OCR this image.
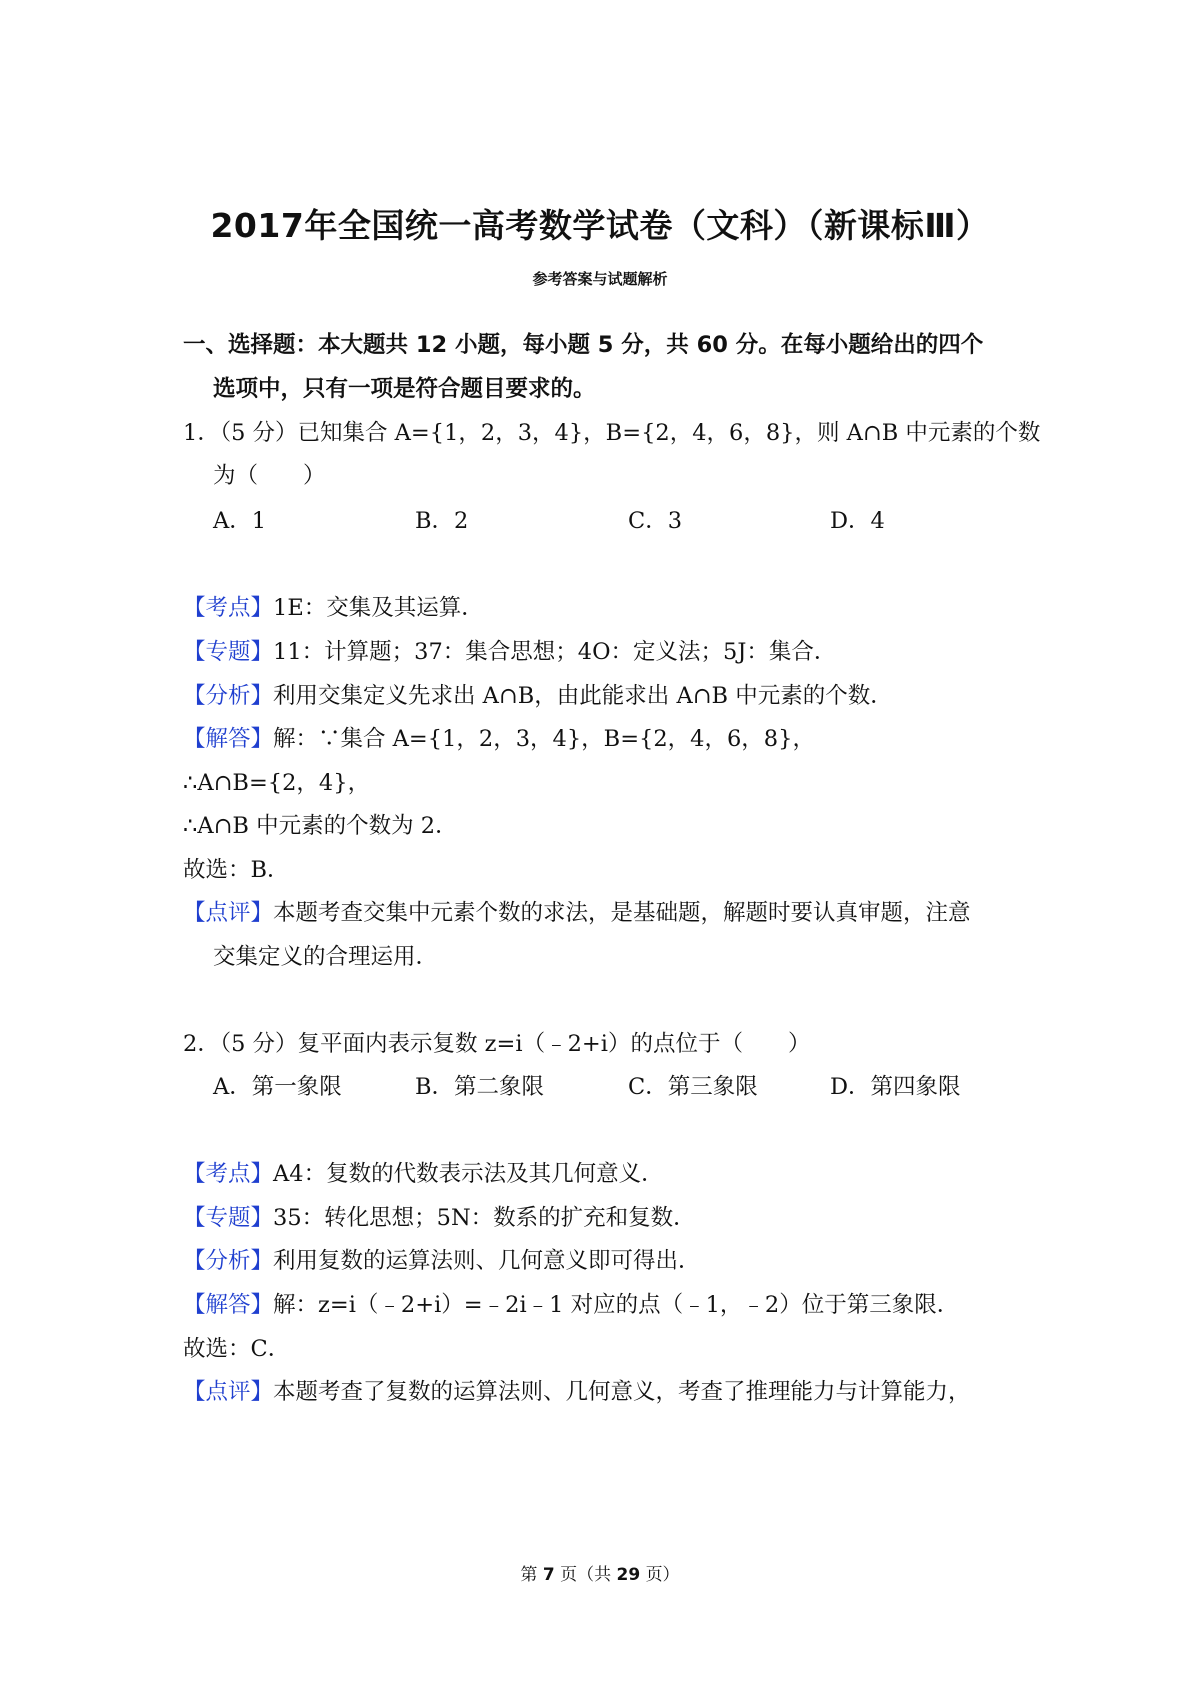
2017年全国统一高考数学试卷（文科）（新课标Ⅲ）
参考答案与试题解析
一、选择题：本大题共 12 小题，每小题 5 分，共 60 分。在每小题给出的四个
选项中，只有一项是符合题目要求的。
1．（5 分）已知集合 A={1，2，3，4}，B={2，4，6，8}，则 A∩B 中元素的个数
为（　　）
A．1	B．2	C．3	D．4
【考点】1E：交集及其运算．
【专题】11：计算题；37：集合思想；4O：定义法；5J：集合．
【分析】利用交集定义先求出 A∩B，由此能求出 A∩B 中元素的个数．
【解答】解：∵集合 A={1，2，3，4}，B={2，4，6，8}，
∴A∩B={2，4}，
∴A∩B 中元素的个数为 2．
故选：B．
【点评】本题考查交集中元素个数的求法，是基础题，解题时要认真审题，注意
交集定义的合理运用．
2．（5 分）复平面内表示复数 z=i（﹣2+i）的点位于（　　）
A．第一象限	B．第二象限	C．第三象限	D．第四象限
【考点】A4：复数的代数表示法及其几何意义．
【专题】35：转化思想；5N：数系的扩充和复数．
【分析】利用复数的运算法则、几何意义即可得出．
【解答】解：z=i（﹣2+i）=﹣2i﹣1 对应的点（﹣1，﹣2）位于第三象限．
故选：C．
【点评】本题考查了复数的运算法则、几何意义，考查了推理能力与计算能力，
第 7 页（共 29 页）
